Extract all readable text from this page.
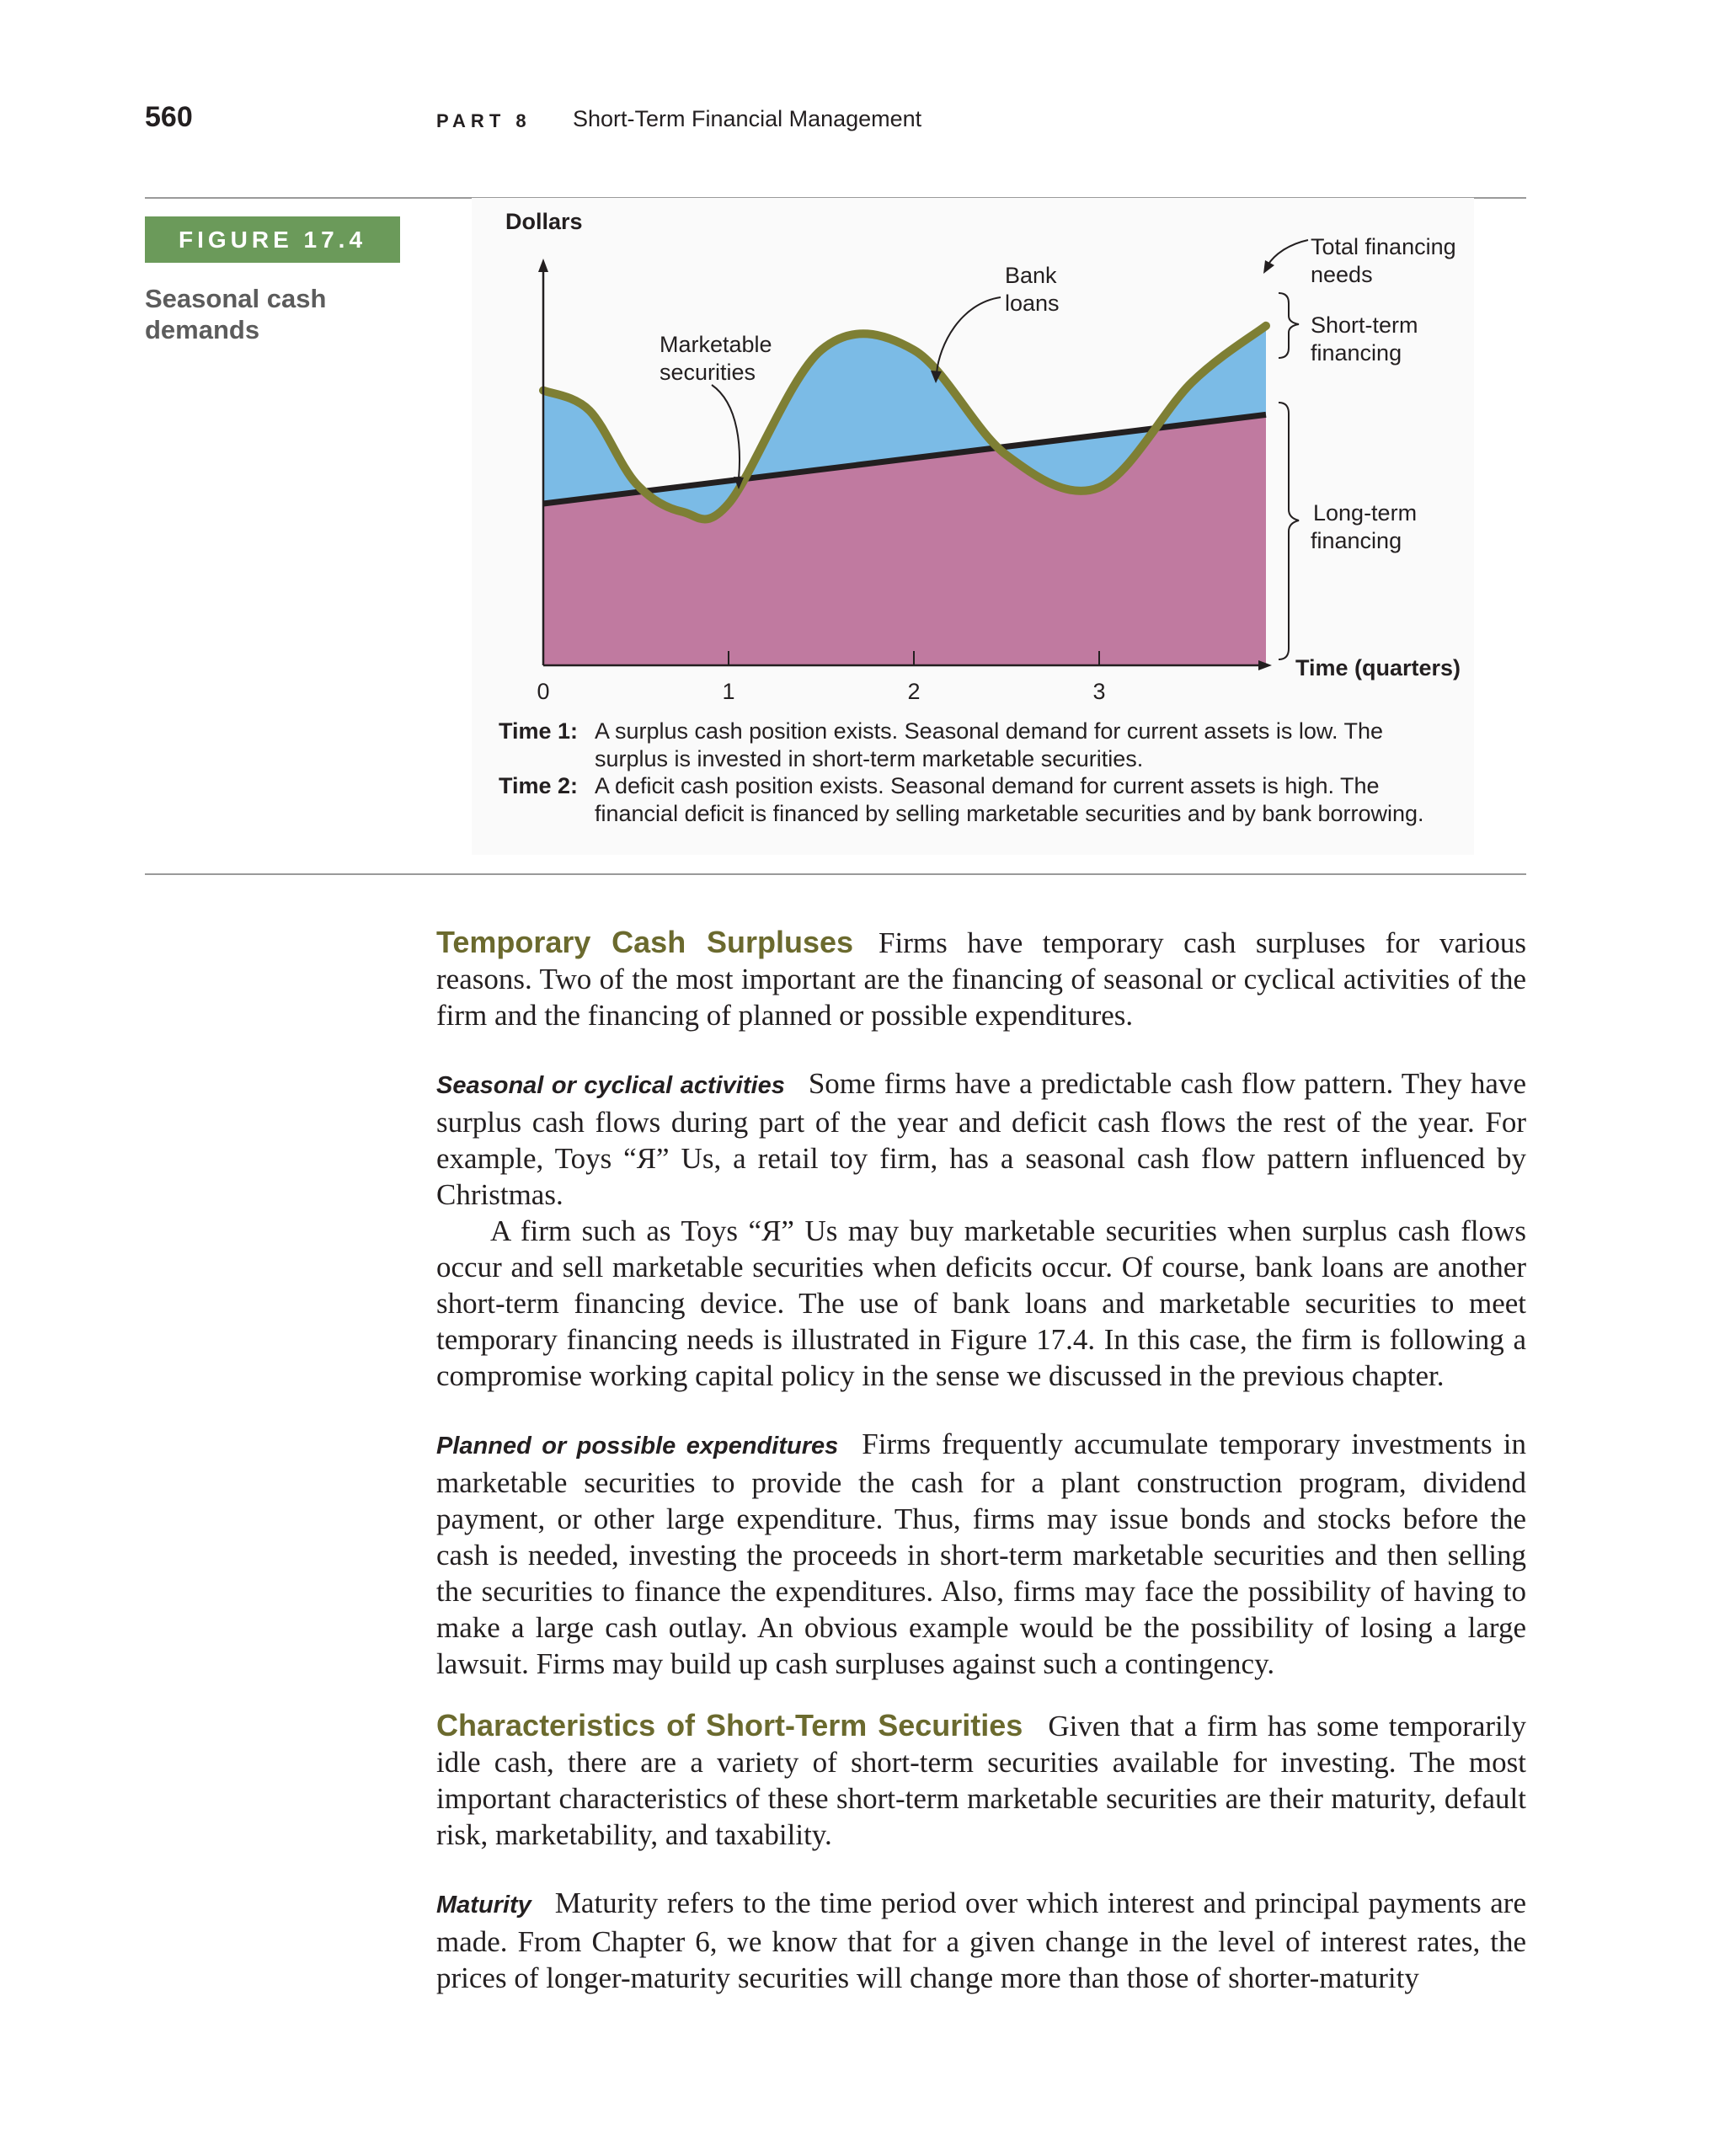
560	PART 8 Short-Term Financial Management
FIGURE 17.4
Seasonal cash demands
0	1	2	3
Dollars
Time (quarters)
Marketable
securities
Bank
loans
Total financing
needs
Short-term
financing
Long-term
financing
Time 1: A surplus cash position exists. Seasonal demand for current assets is low. The surplus is invested in short-term marketable securities.
Time 2: A deficit cash position exists. Seasonal demand for current assets is high. The financial deficit is financed by selling marketable securities and by bank borrowing.

Temporary Cash Surpluses Firms have temporary cash surpluses for various reasons. Two of the most important are the financing of seasonal or cyclical activities of the firm and the financing of planned or possible expenditures.

Seasonal or cyclical activities Some firms have a predictable cash flow pattern. They have surplus cash flows during part of the year and deficit cash flows the rest of the year. For example, Toys “Я” Us, a retail toy firm, has a seasonal cash flow pattern influenced by Christmas.

A firm such as Toys “Я” Us may buy marketable securities when surplus cash flows occur and sell marketable securities when deficits occur. Of course, bank loans are another short-term financing device. The use of bank loans and marketable securities to meet temporary financing needs is illustrated in Figure 17.4. In this case, the firm is following a compromise working capital policy in the sense we discussed in the previous chapter.

Planned or possible expenditures Firms frequently accumulate temporary investments in marketable securities to provide the cash for a plant construction program, dividend payment, or other large expenditure. Thus, firms may issue bonds and stocks before the cash is needed, investing the proceeds in short-term marketable securities and then selling the securities to finance the expenditures. Also, firms may face the possibility of having to make a large cash outlay. An obvious example would be the possibility of losing a large lawsuit. Firms may build up cash surpluses against such a contingency.

Characteristics of Short-Term Securities Given that a firm has some temporarily idle cash, there are a variety of short-term securities available for investing. The most important characteristics of these short-term marketable securities are their maturity, default risk, marketability, and taxability.

Maturity Maturity refers to the time period over which interest and principal payments are made. From Chapter 6, we know that for a given change in the level of interest rates, the prices of longer-maturity securities will change more than those of shorter-maturity
